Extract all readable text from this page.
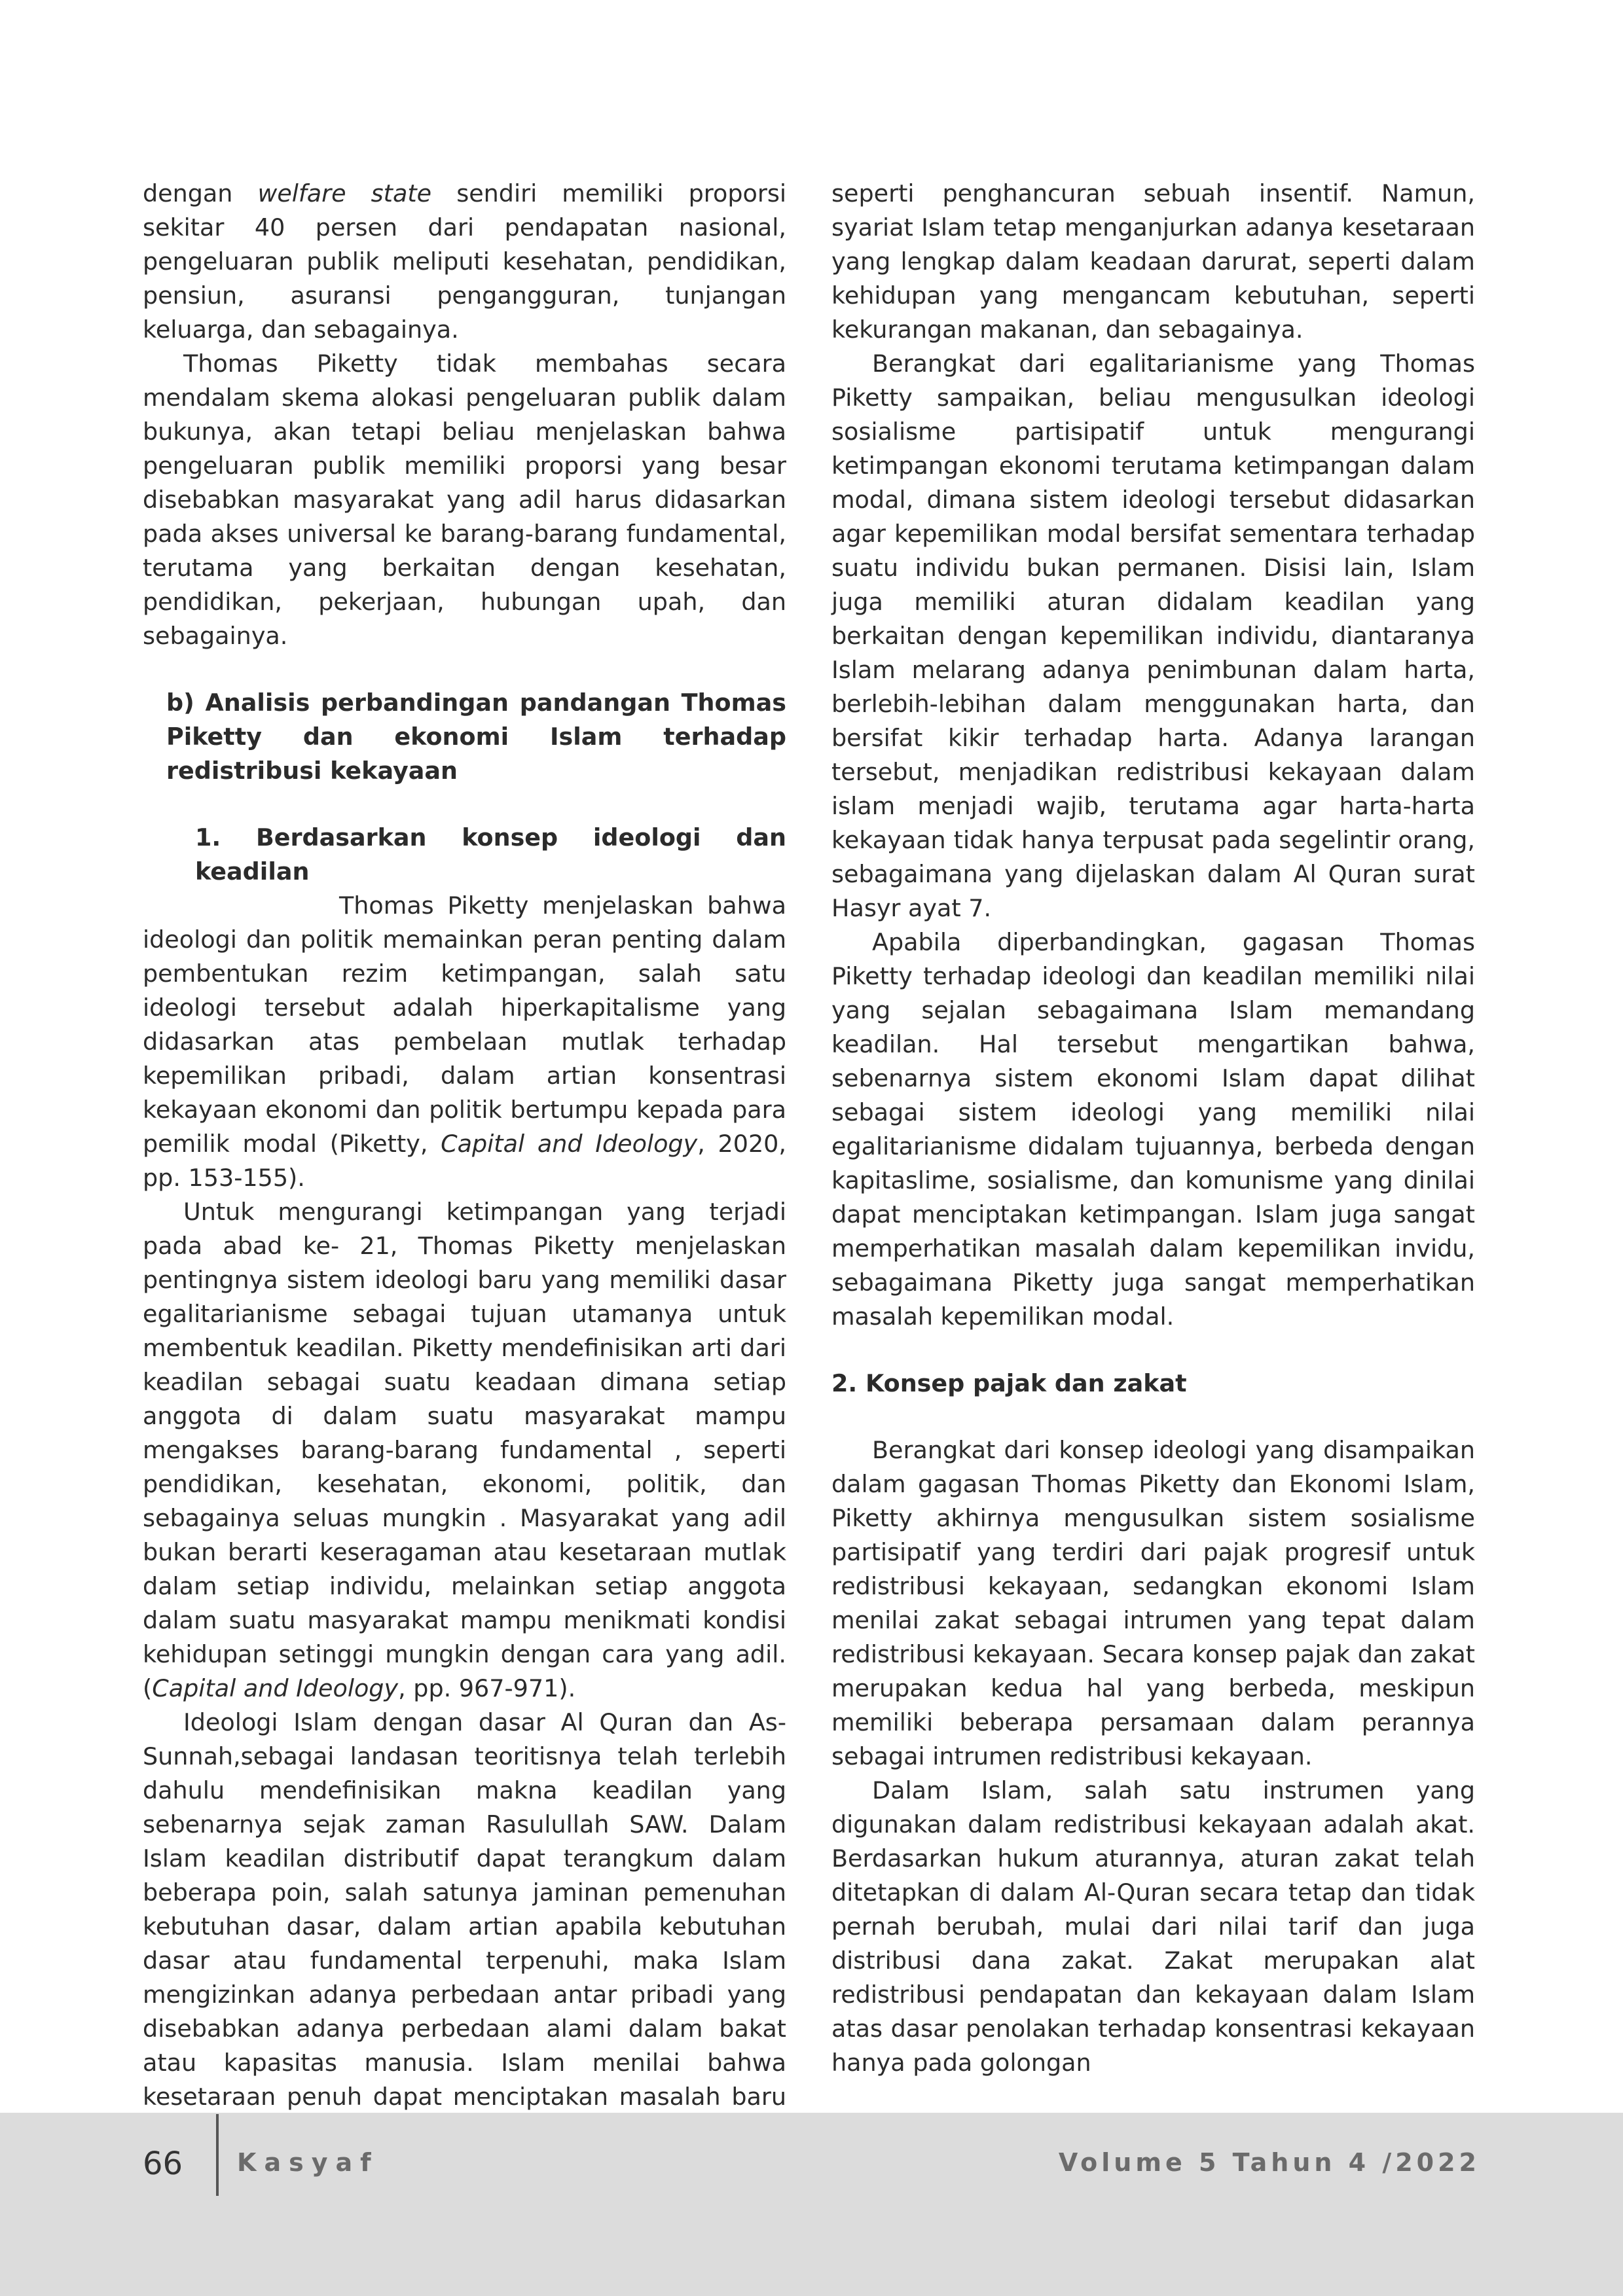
dengan welfare state sendiri memiliki proporsi sekitar 40 persen dari pendapatan nasional, pengeluaran publik meliputi kesehatan, pendidikan, pensiun, asuransi pengangguran, tunjangan keluarga, dan sebagainya.

Thomas Piketty tidak membahas secara mendalam skema alokasi pengeluaran publik dalam bukunya, akan tetapi beliau menjelaskan bahwa pengeluaran publik memiliki proporsi yang besar disebabkan masyarakat yang adil harus didasarkan pada akses universal ke barang-barang fundamental, terutama yang berkaitan dengan kesehatan, pendidikan, pekerjaan, hubungan upah, dan sebagainya.

b) Analisis perbandingan pandangan Thomas Piketty dan ekonomi Islam terhadap redistribusi kekayaan

1. Berdasarkan konsep ideologi dan keadilan

Thomas Piketty menjelaskan bahwa ideologi dan politik memainkan peran penting dalam pembentukan rezim ketimpangan, salah satu ideologi tersebut adalah hiperkapitalisme yang didasarkan atas pembelaan mutlak terhadap kepemilikan pribadi, dalam artian konsentrasi kekayaan ekonomi dan politik bertumpu kepada para pemilik modal (Piketty, Capital and Ideology, 2020, pp. 153-155).

Untuk mengurangi ketimpangan yang terjadi pada abad ke- 21, Thomas Piketty menjelaskan pentingnya sistem ideologi baru yang memiliki dasar egalitarianisme sebagai tujuan utamanya untuk membentuk keadilan. Piketty mendefinisikan arti dari keadilan sebagai suatu keadaan dimana setiap anggota di dalam suatu masyarakat mampu mengakses barang-barang fundamental , seperti pendidikan, kesehatan, ekonomi, politik, dan sebagainya seluas mungkin . Masyarakat yang adil bukan berarti keseragaman atau kesetaraan mutlak dalam setiap individu, melainkan setiap anggota dalam suatu masyarakat mampu menikmati kondisi kehidupan setinggi mungkin dengan cara yang adil. (Capital and Ideology, pp. 967-971).

Ideologi Islam dengan dasar Al Quran dan As-Sunnah,sebagai landasan teoritisnya telah terlebih dahulu mendefinisikan makna keadilan yang sebenarnya sejak zaman Rasulullah SAW. Dalam Islam keadilan distributif dapat terangkum dalam beberapa poin, salah satunya jaminan pemenuhan kebutuhan dasar, dalam artian apabila kebutuhan dasar atau fundamental terpenuhi, maka Islam mengizinkan adanya perbedaan antar pribadi yang disebabkan adanya perbedaan alami dalam bakat atau kapasitas manusia. Islam menilai bahwa kesetaraan penuh dapat menciptakan masalah baru

seperti penghancuran sebuah insentif. Namun, syariat Islam tetap menganjurkan adanya kesetaraan yang lengkap dalam keadaan darurat, seperti dalam kehidupan yang mengancam kebutuhan, seperti kekurangan makanan, dan sebagainya.

Berangkat dari egalitarianisme yang Thomas Piketty sampaikan, beliau mengusulkan ideologi sosialisme partisipatif untuk mengurangi ketimpangan ekonomi terutama ketimpangan dalam modal, dimana sistem ideologi tersebut didasarkan agar kepemilikan modal bersifat sementara terhadap suatu individu bukan permanen. Disisi lain, Islam juga memiliki aturan didalam keadilan yang berkaitan dengan kepemilikan individu, diantaranya Islam melarang adanya penimbunan dalam harta, berlebih-lebihan dalam menggunakan harta, dan bersifat kikir terhadap harta. Adanya larangan tersebut, menjadikan redistribusi kekayaan dalam islam menjadi wajib, terutama agar harta-harta kekayaan tidak hanya terpusat pada segelintir orang, sebagaimana yang dijelaskan dalam Al Quran surat Hasyr ayat 7.

Apabila diperbandingkan, gagasan Thomas Piketty terhadap ideologi dan keadilan memiliki nilai yang sejalan sebagaimana Islam memandang keadilan. Hal tersebut mengartikan bahwa, sebenarnya sistem ekonomi Islam dapat dilihat sebagai sistem ideologi yang memiliki nilai egalitarianisme didalam tujuannya, berbeda dengan kapitaslime, sosialisme, dan komunisme yang dinilai dapat menciptakan ketimpangan. Islam juga sangat memperhatikan masalah dalam kepemilikan invidu, sebagaimana Piketty juga sangat memperhatikan masalah kepemilikan modal.

2. Konsep pajak dan zakat

Berangkat dari konsep ideologi yang disampaikan dalam gagasan Thomas Piketty dan Ekonomi Islam, Piketty akhirnya mengusulkan sistem sosialisme partisipatif yang terdiri dari pajak progresif untuk redistribusi kekayaan, sedangkan ekonomi Islam menilai zakat sebagai intrumen yang tepat dalam redistribusi kekayaan. Secara konsep pajak dan zakat merupakan kedua hal yang berbeda, meskipun memiliki beberapa persamaan dalam perannya sebagai intrumen redistribusi kekayaan.

Dalam Islam, salah satu instrumen yang digunakan dalam redistribusi kekayaan adalah akat. Berdasarkan hukum aturannya, aturan zakat telah ditetapkan di dalam Al-Quran secara tetap dan tidak pernah berubah, mulai dari nilai tarif dan juga distribusi dana zakat. Zakat merupakan alat redistribusi pendapatan dan kekayaan dalam Islam atas dasar penolakan terhadap konsentrasi kekayaan hanya pada golongan

66 Kasyaf	Volume 5 Tahun 4 /2022
